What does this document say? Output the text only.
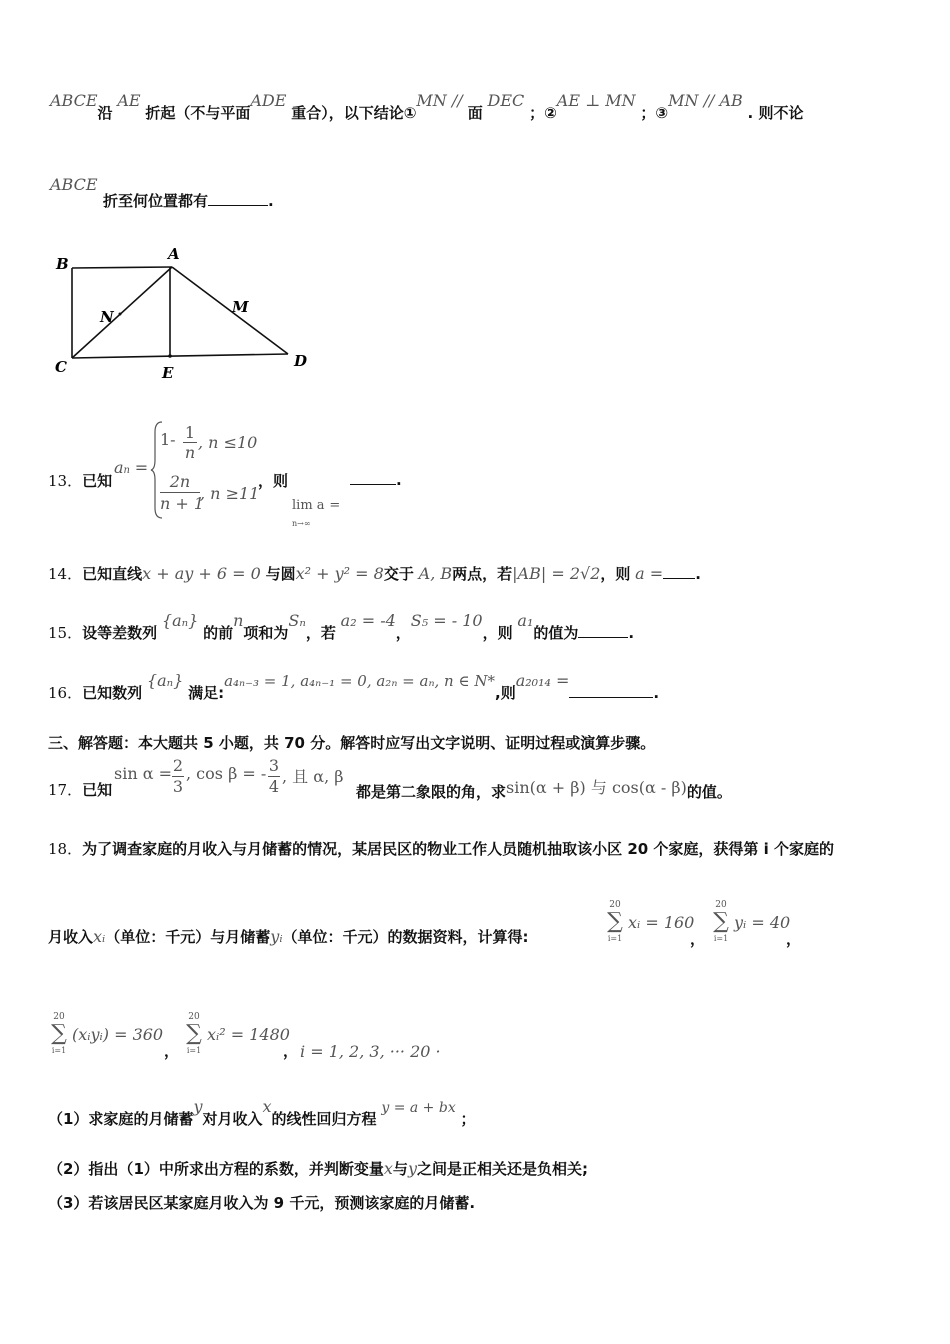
ABCE沿 AE 折起（不与平面ADE 重合），以下结论①MN // 面 DEC ；②AE ⊥ MN ；③MN // AB . 则不论
ABCE
折至何位置都有	.
B
A
N
M
C	E
D
13．已知
an =
$1- \frac{1}{n}$ , n ≤10
$\frac{2n}{n + 1}$ , n ≥11
，则
lim a =
n→∞
.
14．已知直线x + ay + 6 = 0 与圆x² + y² = 8交于 A, B两点，若|AB| = 2√2，则 a = .
15．设等差数列 {aₙ} 的前n项和为Sₙ，若 a₂ = -4，S₅ = - 10，则 a₁的值为	.
16．已知数列 {aₙ} 满足:a₄ₙ₋₃ = 1, a₄ₙ₋₁ = 0, a₂ₙ = aₙ, n ∈ N*,则a₂₀₁₄ =.
三、解答题：本大题共 5 小题，共 70 分。解答时应写出文字说明、证明过程或演算步骤。
17．已知
$\sin \alpha = \frac{2}{3}$ , cos β = - $\frac{3}{4}$ , 且 α, β
都是第二象限的角，求sin(α + β) 与 cos(α - β)的值。
18．为了调查家庭的月收入与月储蓄的情况，某居民区的物业工作人员随机抽取该小区 20 个家庭，获得第 i 个家庭的
月收入xᵢ（单位：千元）与月储蓄yᵢ（单位：千元）的数据资料，计算得:
20
∑
i=1
xᵢ = 160
，
20
∑
i=1
yᵢ = 40
，
20
∑
i=1
(xᵢyᵢ) = 360
，
20
∑
i=1
xᵢ² = 1480
， i = 1, 2, 3, ··· 20 ·
（1）求家庭的月储蓄y对月收入x的线性回归方程 y = a + bx ；
（2）指出（1）中所求出方程的系数，并判断变量x与y之间是正相关还是负相关;
（3）若该居民区某家庭月收入为 9 千元，预测该家庭的月储蓄.
